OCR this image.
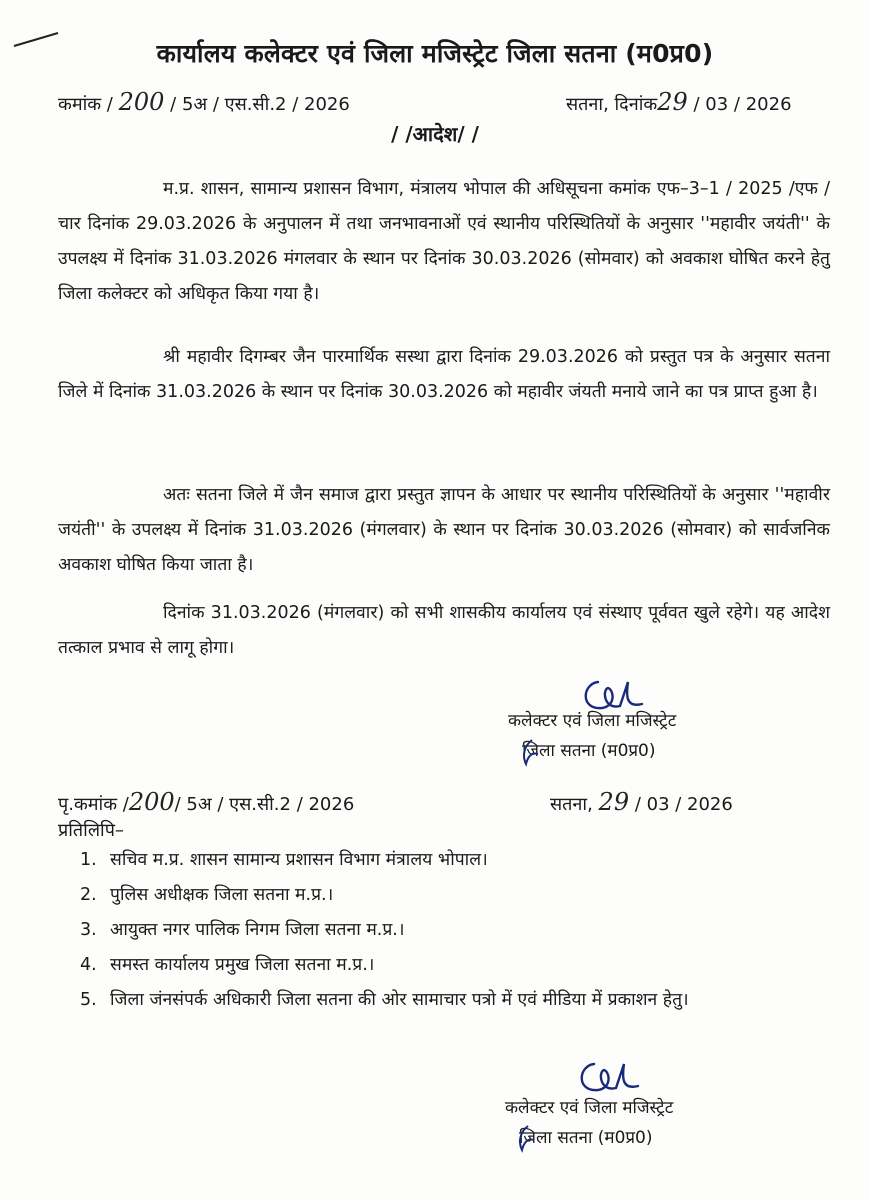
कार्यालय कलेक्टर एवं जिला मजिस्ट्रेट जिला सतना (म0प्र0)
कमांक / 200 / 5अ / एस.सी.2 / 2026	सतना, दिनांक29 / 03 / 2026
/ /आदेश/ /
म.प्र. शासन, सामान्य प्रशासन विभाग, मंत्रालय भोपाल की अधिसूचना कमांक एफ–3–1 / 2025 /एफ /चार दिनांक 29.03.2026 के अनुपालन में तथा जनभावनाओं एवं स्थानीय परिस्थितियों के अनुसार ''महावीर जयंती'' के उपलक्ष्य में दिनांक 31.03.2026 मंगलवार के स्थान पर दिनांक 30.03.2026 (सोमवार) को अवकाश घोषित करने हेतु जिला कलेक्टर को अधिकृत किया गया है।
श्री महावीर दिगम्बर जैन पारमार्थिक सस्था द्वारा दिनांक 29.03.2026 को प्रस्तुत पत्र के अनुसार सतना जिले में दिनांक 31.03.2026 के स्थान पर दिनांक 30.03.2026 को महावीर जंयती मनाये जाने का पत्र प्राप्त हुआ है।
अतः सतना जिले में जैन समाज द्वारा प्रस्तुत ज्ञापन के आधार पर स्थानीय परिस्थितियों के अनुसार ''महावीर जयंती'' के उपलक्ष्य में दिनांक 31.03.2026 (मंगलवार) के स्थान पर दिनांक 30.03.2026 (सोमवार) को सार्वजनिक अवकाश घोषित किया जाता है।
दिनांक 31.03.2026 (मंगलवार) को सभी शासकीय कार्यालय एवं संस्थाए पूर्ववत खुले रहेगे। यह आदेश तत्काल प्रभाव से लागू होगा।
कलेक्टर एवं जिला मजिस्ट्रेट
जिला सतना (म0प्र0)
पृ.कमांक /200/ 5अ / एस.सी.2 / 2026	सतना, 29 / 03 / 2026
प्रतिलिपि–
1. सचिव म.प्र. शासन सामान्य प्रशासन विभाग मंत्रालय भोपाल।
2. पुलिस अधीक्षक जिला सतना म.प्र.।
3. आयुक्त नगर पालिक निगम जिला सतना म.प्र.।
4. समस्त कार्यालय प्रमुख जिला सतना म.प्र.।
5. जिला जंनसंपर्क अधिकारी जिला सतना की ओर सामाचार पत्रो में एवं मीडिया में प्रकाशन हेतु।
कलेक्टर एवं जिला मजिस्ट्रेट
जिला सतना (म0प्र0)
